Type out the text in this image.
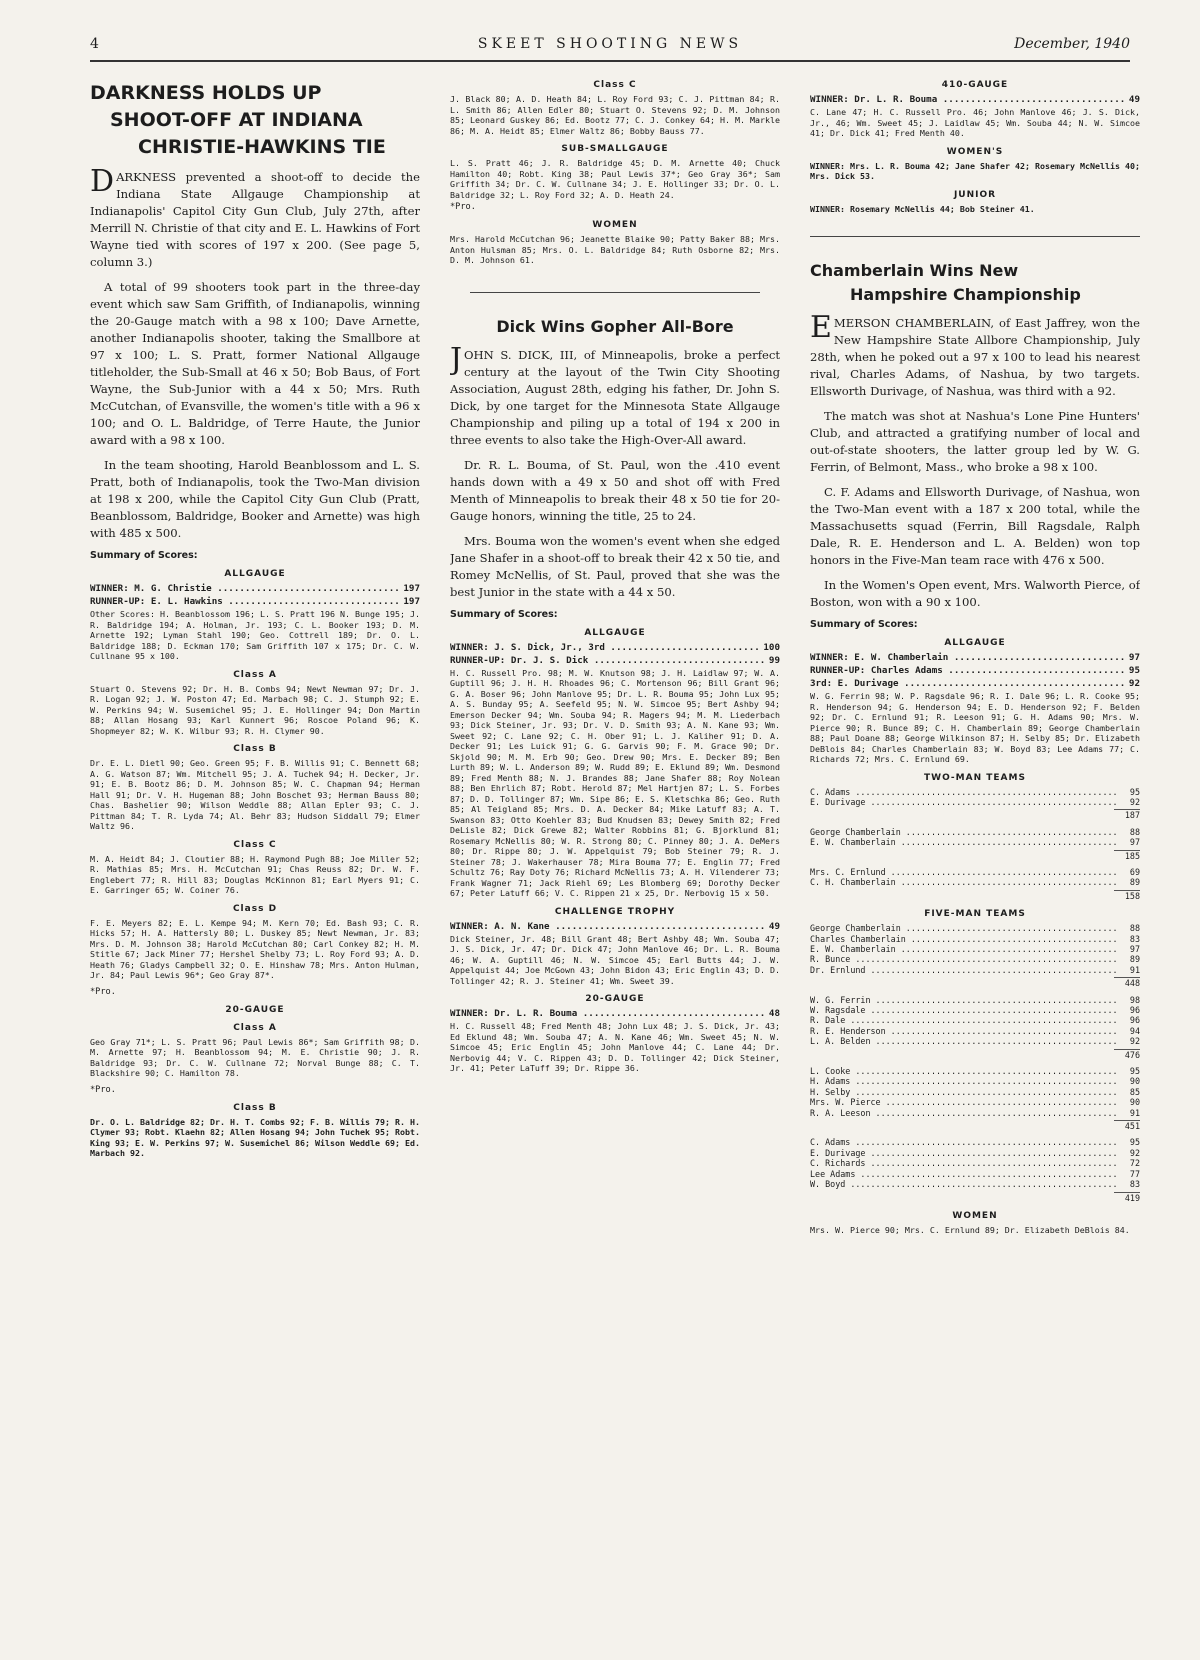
4	SKEET SHOOTING NEWS	December, 1940
DARKNESS HOLDS UP
SHOOT-OFF AT INDIANA
CHRISTIE-HAWKINS TIE

DARKNESS prevented a shoot-off to decide the Indiana State Allgauge Championship at Indianapolis' Capitol City Gun Club, July 27th, after Merrill N. Christie of that city and E. L. Hawkins of Fort Wayne tied with scores of 197 x 200. (See page 5, column 3.)

A total of 99 shooters took part in the three-day event which saw Sam Griffith, of Indianapolis, winning the 20-Gauge match with a 98 x 100; Dave Arnette, another Indianapolis shooter, taking the Smallbore at 97 x 100; L. S. Pratt, former National Allgauge titleholder, the Sub-Small at 46 x 50; Bob Baus, of Fort Wayne, the Sub-Junior with a 44 x 50; Mrs. Ruth McCutchan, of Evansville, the women's title with a 96 x 100; and O. L. Baldridge, of Terre Haute, the Junior award with a 98 x 100.

In the team shooting, Harold Beanblossom and L. S. Pratt, both of Indianapolis, took the Two-Man division at 198 x 200, while the Capitol City Gun Club (Pratt, Beanblossom, Baldridge, Booker and Arnette) was high with 485 x 500.

Summary of Scores:
ALLGAUGE
WINNER: M. G. Christie .....	197
RUNNER-UP: E. L. Hawkins .....	197

Other Scores: H. Beanblossom 196; L. S. Pratt 196 N. Bunge 195; J. R. Baldridge 194; A. Holman, Jr. 193; C. L. Booker 193; D. M. Arnette 192; Lyman Stahl 190; Geo. Cottrell 189; Dr. O. L. Baldridge 188; D. Eckman 170; Sam Griffith 107 x 175; Dr. C. W. Cullnane 95 x 100.

Class A

Stuart O. Stevens 92; Dr. H. B. Combs 94; Newt Newman 97; Dr. J. R. Logan 92; J. W. Poston 47; Ed. Marbach 98; C. J. Stumph 92; E. W. Perkins 94; W. Susemichel 95; J. E. Hollinger 94; Don Martin 88; Allan Hosang 93; Karl Kunnert 96; Roscoe Poland 96; K. Shopmeyer 82; W. K. Wilbur 93; R. H. Clymer 90.

Class B

Dr. E. L. Dietl 90; Geo. Green 95; F. B. Willis 91; C. Bennett 68; A. G. Watson 87; Wm. Mitchell 95; J. A. Tuchek 94; H. Decker, Jr. 91; E. B. Bootz 86; D. M. Johnson 85; W. C. Chapman 94; Herman Hall 91; Dr. V. H. Hugeman 88; John Boschet 93; Herman Bauss 80; Chas. Bashelier 90; Wilson Weddle 88; Allan Epler 93; C. J. Pittman 84; T. R. Lyda 74; Al. Behr 83; Hudson Siddall 79; Elmer Waltz 96.

Class C

M. A. Heidt 84; J. Cloutier 88; H. Raymond Pugh 88; Joe Miller 52; R. Mathias 85; Mrs. H. McCutchan 91; Chas Reuss 82; Dr. W. F. Englebert 77; R. Hill 83; Douglas McKinnon 81; Earl Myers 91; C. E. Garringer 65; W. Coiner 76.

Class D

F. E. Meyers 82; E. L. Kempe 94; M. Kern 70; Ed. Bash 93; C. R. Hicks 57; H. A. Hattersly 80; L. Duskey 85; Newt Newman, Jr. 83; Mrs. D. M. Johnson 38; Harold McCutchan 80; Carl Conkey 82; H. M. Stitle 67; Jack Miner 77; Hershel Shelby 73; L. Roy Ford 93; A. D. Heath 76; Gladys Campbell 32; O. E. Hinshaw 78; Mrs. Anton Hulman, Jr. 84; Paul Lewis 96*; Geo Gray 87*.

*Pro.
20-GAUGE
Class A

Geo Gray 71*; L. S. Pratt 96; Paul Lewis 86*; Sam Griffith 98; D. M. Arnette 97; H. Beanblossom 94; M. E. Christie 90; J. R. Baldridge 93; Dr. C. W. Cullnane 72; Norval Bunge 88; C. T. Blackshire 90; C. Hamilton 78.

*Pro.
Class B

Dr. O. L. Baldridge 82; Dr. H. T. Combs 92; F. B. Willis 79; R. H. Clymer 93; Robt. Klaehn 82; Allen Hosang 94; John Tuchek 95; Robt. King 93; E. W. Perkins 97; W. Susemichel 86; Wilson Weddle 69; Ed. Marbach 92.

Class C

J. Black 80; A. D. Heath 84; L. Roy Ford 93; C. J. Pittman 84; R. L. Smith 86; Allen Edler 80; Stuart O. Stevens 92; D. M. Johnson 85; Leonard Guskey 86; Ed. Bootz 77; C. J. Conkey 64; H. M. Markle 86; M. A. Heidt 85; Elmer Waltz 86; Bobby Bauss 77.

SUB-SMALLGAUGE

L. S. Pratt 46; J. R. Baldridge 45; D. M. Arnette 40; Chuck Hamilton 40; Robt. King 38; Paul Lewis 37*; Geo Gray 36*; Sam Griffith 34; Dr. C. W. Cullnane 34; J. E. Hollinger 33; Dr. O. L. Baldridge 32; L. Roy Ford 32; A. D. Heath 24.

*Pro.
WOMEN

Mrs. Harold McCutchan 96; Jeanette Blaike 90; Patty Baker 88; Mrs. Anton Hulsman 85; Mrs. O. L. Baldridge 84; Ruth Osborne 82; Mrs. D. M. Johnson 61.

Dick Wins Gopher All-Bore

JOHN S. DICK, III, of Minneapolis, broke a perfect century at the layout of the Twin City Shooting Association, August 28th, edging his father, Dr. John S. Dick, by one target for the Minnesota State Allgauge Championship and piling up a total of 194 x 200 in three events to also take the High-Over-All award.

Dr. R. L. Bouma, of St. Paul, won the .410 event hands down with a 49 x 50 and shot off with Fred Menth of Minneapolis to break their 48 x 50 tie for 20-Gauge honors, winning the title, 25 to 24.

Mrs. Bouma won the women's event when she edged Jane Shafer in a shoot-off to break their 42 x 50 tie, and Romey McNellis, of St. Paul, proved that she was the best Junior in the state with a 44 x 50.

Summary of Scores:
ALLGAUGE
WINNER: J. S. Dick, Jr., 3rd .....	100
RUNNER-UP: Dr. J. S. Dick .....	99

H. C. Russell Pro. 98; M. W. Knutson 98; J. H. Laidlaw 97; W. A. Guptill 96; J. H. H. Rhoades 96; C. Mortenson 96; Bill Grant 96; G. A. Boser 96; John Manlove 95; Dr. L. R. Bouma 95; John Lux 95; A. S. Bunday 95; A. Seefeld 95; N. W. Simcoe 95; Bert Ashby 94; Emerson Decker 94; Wm. Souba 94; R. Magers 94; M. M. Liederbach 93; Dick Steiner, Jr. 93; Dr. V. D. Smith 93; A. N. Kane 93; Wm. Sweet 92; C. Lane 92; C. H. Ober 91; L. J. Kaliher 91; D. A. Decker 91; Les Luick 91; G. G. Garvis 90; F. M. Grace 90; Dr. Skjold 90; M. M. Erb 90; Geo. Drew 90; Mrs. E. Decker 89; Ben Lurth 89; W. L. Anderson 89; W. Rudd 89; E. Eklund 89; Wm. Desmond 89; Fred Menth 88; N. J. Brandes 88; Jane Shafer 88; Roy Nolean 88; Ben Ehrlich 87; Robt. Herold 87; Mel Hartjen 87; L. S. Forbes 87; D. D. Tollinger 87; Wm. Sipe 86; E. S. Kletschka 86; Geo. Ruth 85; Al Teigland 85; Mrs. D. A. Decker 84; Mike Latuff 83; A. T. Swanson 83; Otto Koehler 83; Bud Knudsen 83; Dewey Smith 82; Fred DeLisle 82; Dick Grewe 82; Walter Robbins 81; G. Bjorklund 81; Rosemary McNellis 80; W. R. Strong 80; C. Pinney 80; J. A. DeMers 80; Dr. Rippe 80; J. W. Appelquist 79; Bob Steiner 79; R. J. Steiner 78; J. Wakerhauser 78; Mira Bouma 77; E. Englin 77; Fred Schultz 76; Ray Doty 76; Richard McNellis 73; A. H. Vilenderer 73; Frank Wagner 71; Jack Riehl 69; Les Blomberg 69; Dorothy Decker 67; Peter Latuff 66; V. C. Rippen 21 x 25, Dr. Nerbovig 15 x 50.

CHALLENGE TROPHY
WINNER: A. N. Kane .....	49

Dick Steiner, Jr. 48; Bill Grant 48; Bert Ashby 48; Wm. Souba 47; J. S. Dick, Jr. 47; Dr. Dick 47; John Manlove 46; Dr. L. R. Bouma 46; W. A. Guptill 46; N. W. Simcoe 45; Earl Butts 44; J. W. Appelquist 44; Joe McGown 43; John Bidon 43; Eric Englin 43; D. D. Tollinger 42; R. J. Steiner 41; Wm. Sweet 39.

20-GAUGE
WINNER: Dr. L. R. Bouma .....	48

H. C. Russell 48; Fred Menth 48; John Lux 48; J. S. Dick, Jr. 43; Ed Eklund 48; Wm. Souba 47; A. N. Kane 46; Wm. Sweet 45; N. W. Simcoe 45; Eric Englin 45; John Manlove 44; C. Lane 44; Dr. Nerbovig 44; V. C. Rippen 43; D. D. Tollinger 42; Dick Steiner, Jr. 41; Peter LaTuff 39; Dr. Rippe 36.

410-GAUGE
WINNER: Dr. L. R. Bouma .....	49

C. Lane 47; H. C. Russell Pro. 46; John Manlove 46; J. S. Dick, Jr., 46; Wm. Sweet 45; J. Laidlaw 45; Wm. Souba 44; N. W. Simcoe 41; Dr. Dick 41; Fred Menth 40.

WOMEN'S

WINNER: Mrs. L. R. Bouma 42; Jane Shafer 42; Rosemary McNellis 40; Mrs. Dick 53.

JUNIOR

WINNER: Rosemary McNellis 44; Bob Steiner 41.

Chamberlain Wins New
Hampshire Championship

EMERSON CHAMBERLAIN, of East Jaffrey, won the New Hampshire State Allbore Championship, July 28th, when he poked out a 97 x 100 to lead his nearest rival, Charles Adams, of Nashua, by two targets. Ellsworth Durivage, of Nashua, was third with a 92.

The match was shot at Nashua's Lone Pine Hunters' Club, and attracted a gratifying number of local and out-of-state shooters, the latter group led by W. G. Ferrin, of Belmont, Mass., who broke a 98 x 100.

C. F. Adams and Ellsworth Durivage, of Nashua, won the Two-Man event with a 187 x 200 total, while the Massachusetts squad (Ferrin, Bill Ragsdale, Ralph Dale, R. E. Henderson and L. A. Belden) won top honors in the Five-Man team race with 476 x 500.

In the Women's Open event, Mrs. Walworth Pierce, of Boston, won with a 90 x 100.

Summary of Scores:
ALLGAUGE
WINNER: E. W. Chamberlain .....	97
RUNNER-UP: Charles Adams .....	95
3rd: E. Durivage .....	92

W. G. Ferrin 98; W. P. Ragsdale 96; R. I. Dale 96; L. R. Cooke 95; R. Henderson 94; G. Henderson 94; E. D. Henderson 92; F. Belden 92; Dr. C. Ernlund 91; R. Leeson 91; G. H. Adams 90; Mrs. W. Pierce 90; R. Bunce 89; C. H. Chamberlain 89; George Chamberlain 88; Paul Doane 88; George Wilkinson 87; H. Selby 85; Dr. Elizabeth DeBlois 84; Charles Chamberlain 83; W. Boyd 83; Lee Adams 77; C. Richards 72; Mrs. C. Ernlund 69.

TWO-MAN TEAMS
C. Adams .....	95
E. Durivage .....	92
187
George Chamberlain .....	88
E. W. Chamberlain .....	97
185
Mrs. C. Ernlund .....	69
C. H. Chamberlain .....	89
158
FIVE-MAN TEAMS
George Chamberlain .....	88
Charles Chamberlain .....	83
E. W. Chamberlain .....	97
R. Bunce .....	89
Dr. Ernlund .....	91
448
W. G. Ferrin .....	98
W. Ragsdale .....	96
R. Dale .....	96
R. E. Henderson .....	94
L. A. Belden .....	92
476
L. Cooke .....	95
H. Adams .....	90
H. Selby .....	85
Mrs. W. Pierce .....	90
R. A. Leeson .....	91
451
C. Adams .....	95
E. Durivage .....	92
C. Richards .....	72
Lee Adams .....	77
W. Boyd .....	83
419
WOMEN

Mrs. W. Pierce 90; Mrs. C. Ernlund 89; Dr. Elizabeth DeBlois 84.
